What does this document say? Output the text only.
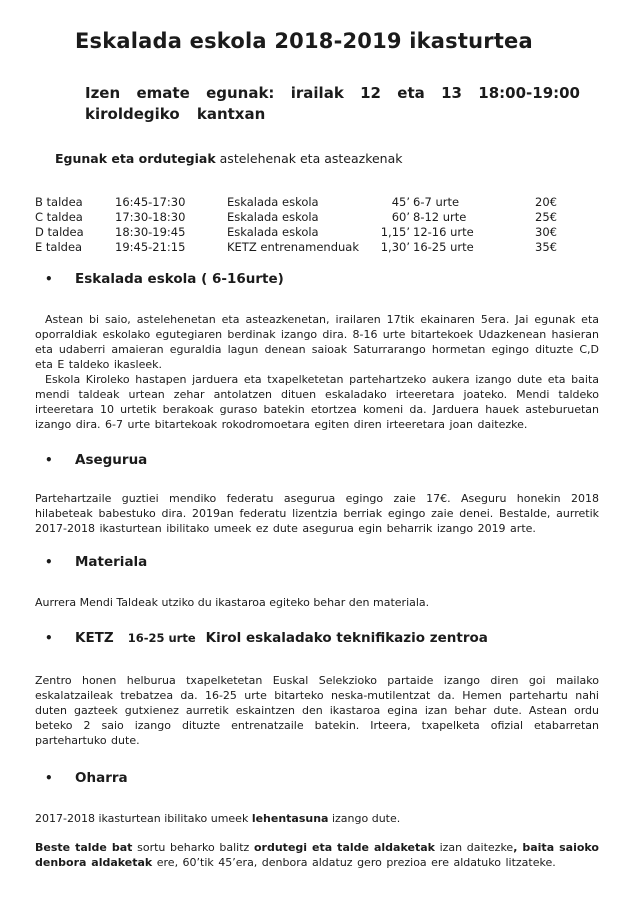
Eskalada eskola 2018-2019 ikasturtea
Izen emate egunak: irailak 12 eta 13 18:00-19:00
kiroldegiko kantxan
Egunak eta ordutegiak astelehenak eta asteazkenak
B taldea	16:45-17:30	Eskalada eskola	45’ 6-7 urte	20€
C taldea	17:30-18:30	Eskalada eskola	60’ 8-12 urte	25€
D taldea	18:30-19:45	Eskalada eskola	1,15’ 12-16 urte	30€
E taldea	19:45-21:15	KETZ entrenamenduak	1,30’ 16-25 urte	35€
•	Eskalada eskola ( 6-16urte)
Astean bi saio, astelehenetan eta asteazkenetan, irailaren 17tik ekainaren 5era. Jai egunak eta oporraldiak eskolako egutegiaren berdinak izango dira. 8-16 urte bitartekoek Udazkenean hasieran eta udaberri amaieran eguraldia lagun denean saioak Saturrarango hormetan egingo dituzte C,D eta E taldeko ikasleek.
Eskola Kiroleko hastapen jarduera eta txapelketetan partehartzeko aukera izango dute eta baita mendi taldeak urtean zehar antolatzen dituen eskaladako irteeretara joateko. Mendi taldeko irteeretara 10 urtetik berakoak guraso batekin etortzea komeni da. Jarduera hauek asteburuetan izango dira. 6-7 urte bitartekoak rokodromoetara egiten diren irteeretara joan daitezke.
•	Asegurua
Partehartzaile guztiei mendiko federatu asegurua egingo zaie 17€. Aseguru honekin 2018 hilabeteak babestuko dira. 2019an federatu lizentzia berriak egingo zaie denei. Bestalde, aurretik 2017-2018 ikasturtean ibilitako umeek ez dute asegurua egin beharrik izango 2019 arte.
•	Materiala
Aurrera Mendi Taldeak utziko du ikastaroa egiteko behar den materiala.
•	KETZ 16-25 urte Kirol eskaladako teknifikazio zentroa
Zentro honen helburua txapelketetan Euskal Selekzioko partaide izango diren goi mailako eskalatzaileak trebatzea da. 16-25 urte bitarteko neska-mutilentzat da. Hemen partehartu nahi duten gazteek gutxienez aurretik eskaintzen den ikastaroa egina izan behar dute. Astean ordu beteko 2 saio izango dituzte entrenatzaile batekin. Irteera, txapelketa ofizial etabarretan partehartuko dute.
•	Oharra
2017-2018 ikasturtean ibilitako umeek lehentasuna izango dute.
Beste talde bat sortu beharko balitz ordutegi eta talde aldaketak izan daitezke, baita saioko denbora aldaketak ere, 60’tik 45’era, denbora aldatuz gero prezioa ere aldatuko litzateke.
